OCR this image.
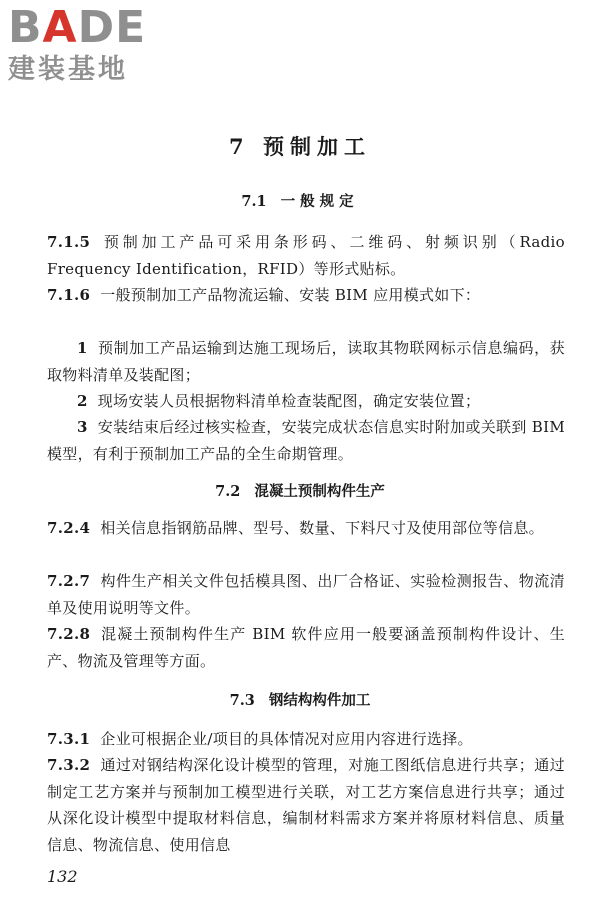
BADE
建装基地
7 预制加工
7.1 一般规定
7.1.5 预制加工产品可采用条形码、二维码、射频识别（Radio Frequency Identification，RFID）等形式贴标。
7.1.6 一般预制加工产品物流运输、安装 BIM 应用模式如下：
1 预制加工产品运输到达施工现场后，读取其物联网标示信息编码，获取物料清单及装配图；
2 现场安装人员根据物料清单检查装配图，确定安装位置；
3 安装结束后经过核实检查，安装完成状态信息实时附加或关联到 BIM 模型，有利于预制加工产品的全生命期管理。
7.2 混凝土预制构件生产
7.2.4 相关信息指钢筋品牌、型号、数量、下料尺寸及使用部位等信息。
7.2.7 构件生产相关文件包括模具图、出厂合格证、实验检测报告、物流清单及使用说明等文件。
7.2.8 混凝土预制构件生产 BIM 软件应用一般要涵盖预制构件设计、生产、物流及管理等方面。
7.3 钢结构构件加工
7.3.1 企业可根据企业/项目的具体情况对应用内容进行选择。
7.3.2 通过对钢结构深化设计模型的管理，对施工图纸信息进行共享；通过制定工艺方案并与预制加工模型进行关联，对工艺方案信息进行共享；通过从深化设计模型中提取材料信息，编制材料需求方案并将原材料信息、质量信息、物流信息、使用信息
132
